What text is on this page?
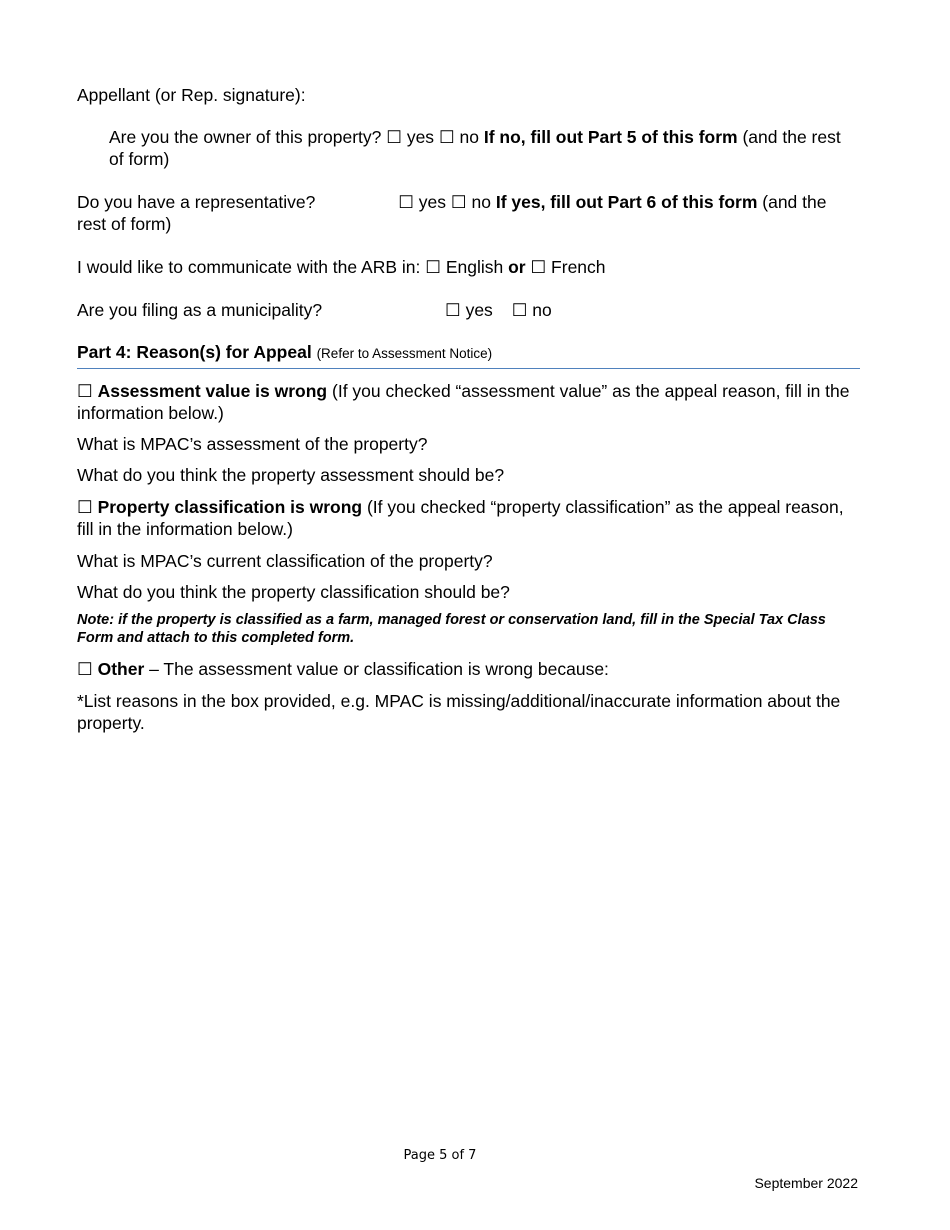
Appellant (or Rep. signature):

Are you the owner of this property? ☐ yes ☐ no If no, fill out Part 5 of this form (and the rest of form)

Do you have a representative?	☐ yes ☐ no If yes, fill out Part 6 of this form (and the rest of form)

I would like to communicate with the ARB in: ☐ English or ☐ French

Are you filing as a municipality?	☐ yes ☐ no

Part 4: Reason(s) for Appeal (Refer to Assessment Notice)

☐ Assessment value is wrong (If you checked “assessment value” as the appeal reason, fill in the information below.)

What is MPAC’s assessment of the property?

What do you think the property assessment should be?

☐ Property classification is wrong (If you checked “property classification” as the appeal reason, fill in the information below.)

What is MPAC’s current classification of the property?

What do you think the property classification should be?

Note: if the property is classified as a farm, managed forest or conservation land, fill in the Special Tax Class Form and attach to this completed form.

☐ Other – The assessment value or classification is wrong because:

*List reasons in the box provided, e.g. MPAC is missing/additional/inaccurate information about the property.

Page 5 of 7
September 2022
